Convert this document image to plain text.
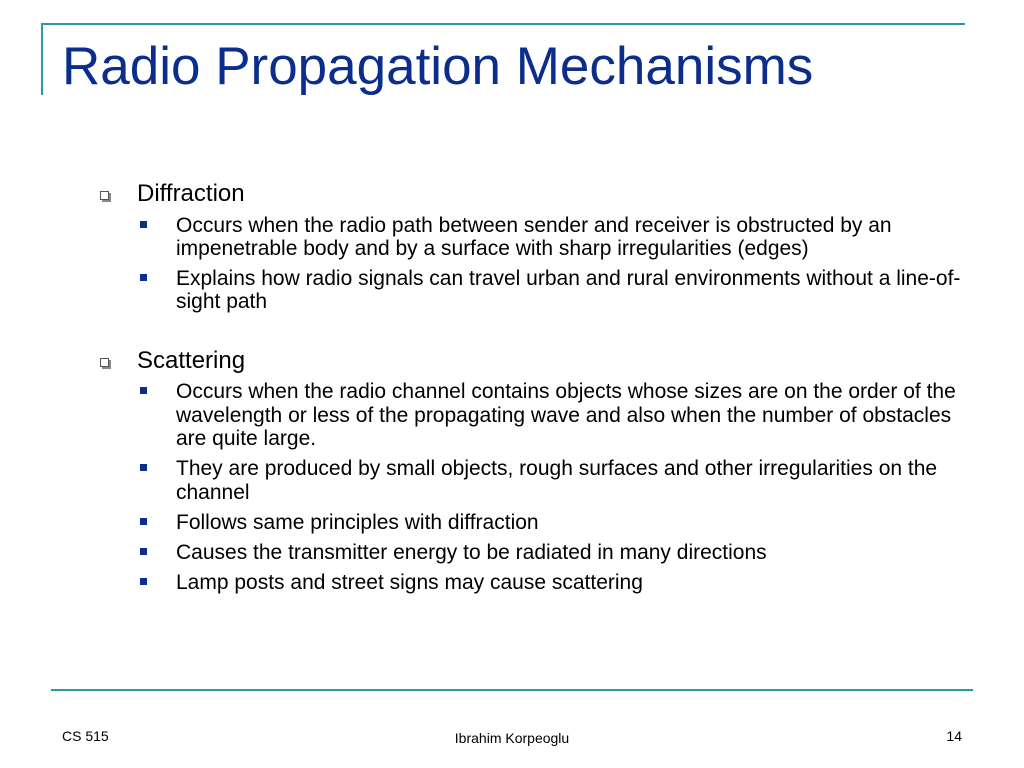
Radio Propagation Mechanisms
Diffraction
Occurs when the radio path between sender and receiver is obstructed by an impenetrable body and by a surface with sharp irregularities (edges)
Explains how radio signals can travel urban and rural environments without a line-of-sight path
Scattering
Occurs when the radio channel contains objects whose sizes are on the order of the wavelength or less of the propagating wave and also when the number of obstacles are quite large.
They are produced by small objects, rough surfaces and other irregularities on the channel
Follows same principles with diffraction
Causes the transmitter energy to be radiated in many directions
Lamp posts and street signs may cause scattering
CS 515	Ibrahim Korpeoglu	14
